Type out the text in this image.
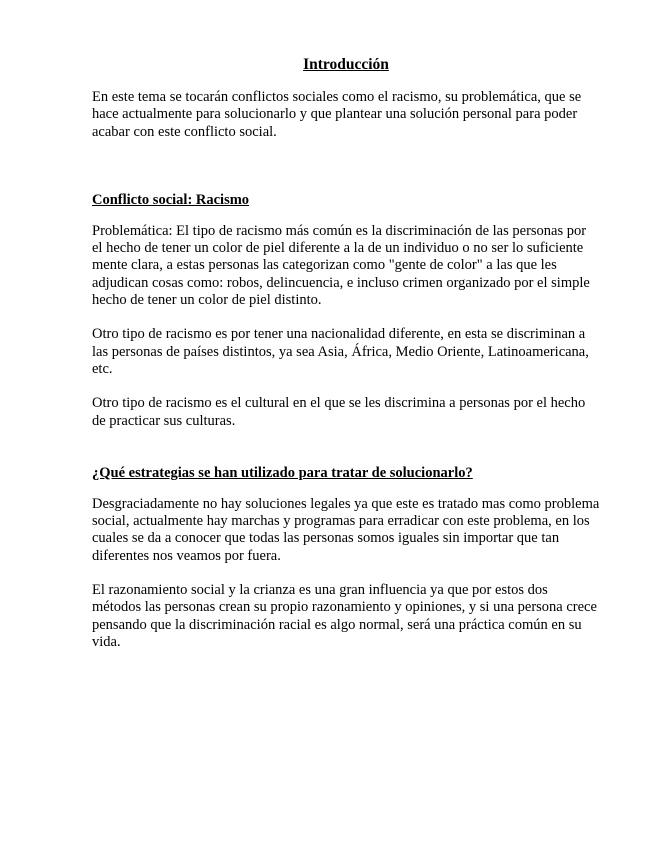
Introducción

En este tema se tocarán conflictos sociales como el racismo, su problemática, que se hace actualmente para solucionarlo y que plantear una solución personal para poder acabar con este conflicto social.

Conflicto social: Racismo

Problemática: El tipo de racismo más común es la discriminación de las personas por el hecho de tener un color de piel diferente a la de un individuo o no ser lo suficiente mente clara, a estas personas las categorizan como "gente de color" a las que les adjudican cosas como: robos, delincuencia, e incluso crimen organizado por el simple hecho de tener un color de piel distinto.

Otro tipo de racismo es por tener una nacionalidad diferente, en esta se discriminan a las personas de países distintos, ya sea Asia, África, Medio Oriente, Latinoamericana, etc.

Otro tipo de racismo es el cultural en el que se les discrimina a personas por el hecho de practicar sus culturas.

¿Qué estrategias se han utilizado para tratar de solucionarlo?

Desgraciadamente no hay soluciones legales ya que este es tratado mas como problema social, actualmente hay marchas y programas para erradicar con este problema, en los cuales se da a conocer que todas las personas somos iguales sin importar que tan diferentes nos veamos por fuera.

El razonamiento social y la crianza es una gran influencia ya que por estos dos métodos las personas crean su propio razonamiento y opiniones, y si una persona crece pensando que la discriminación racial es algo normal, será una práctica común en su vida.
